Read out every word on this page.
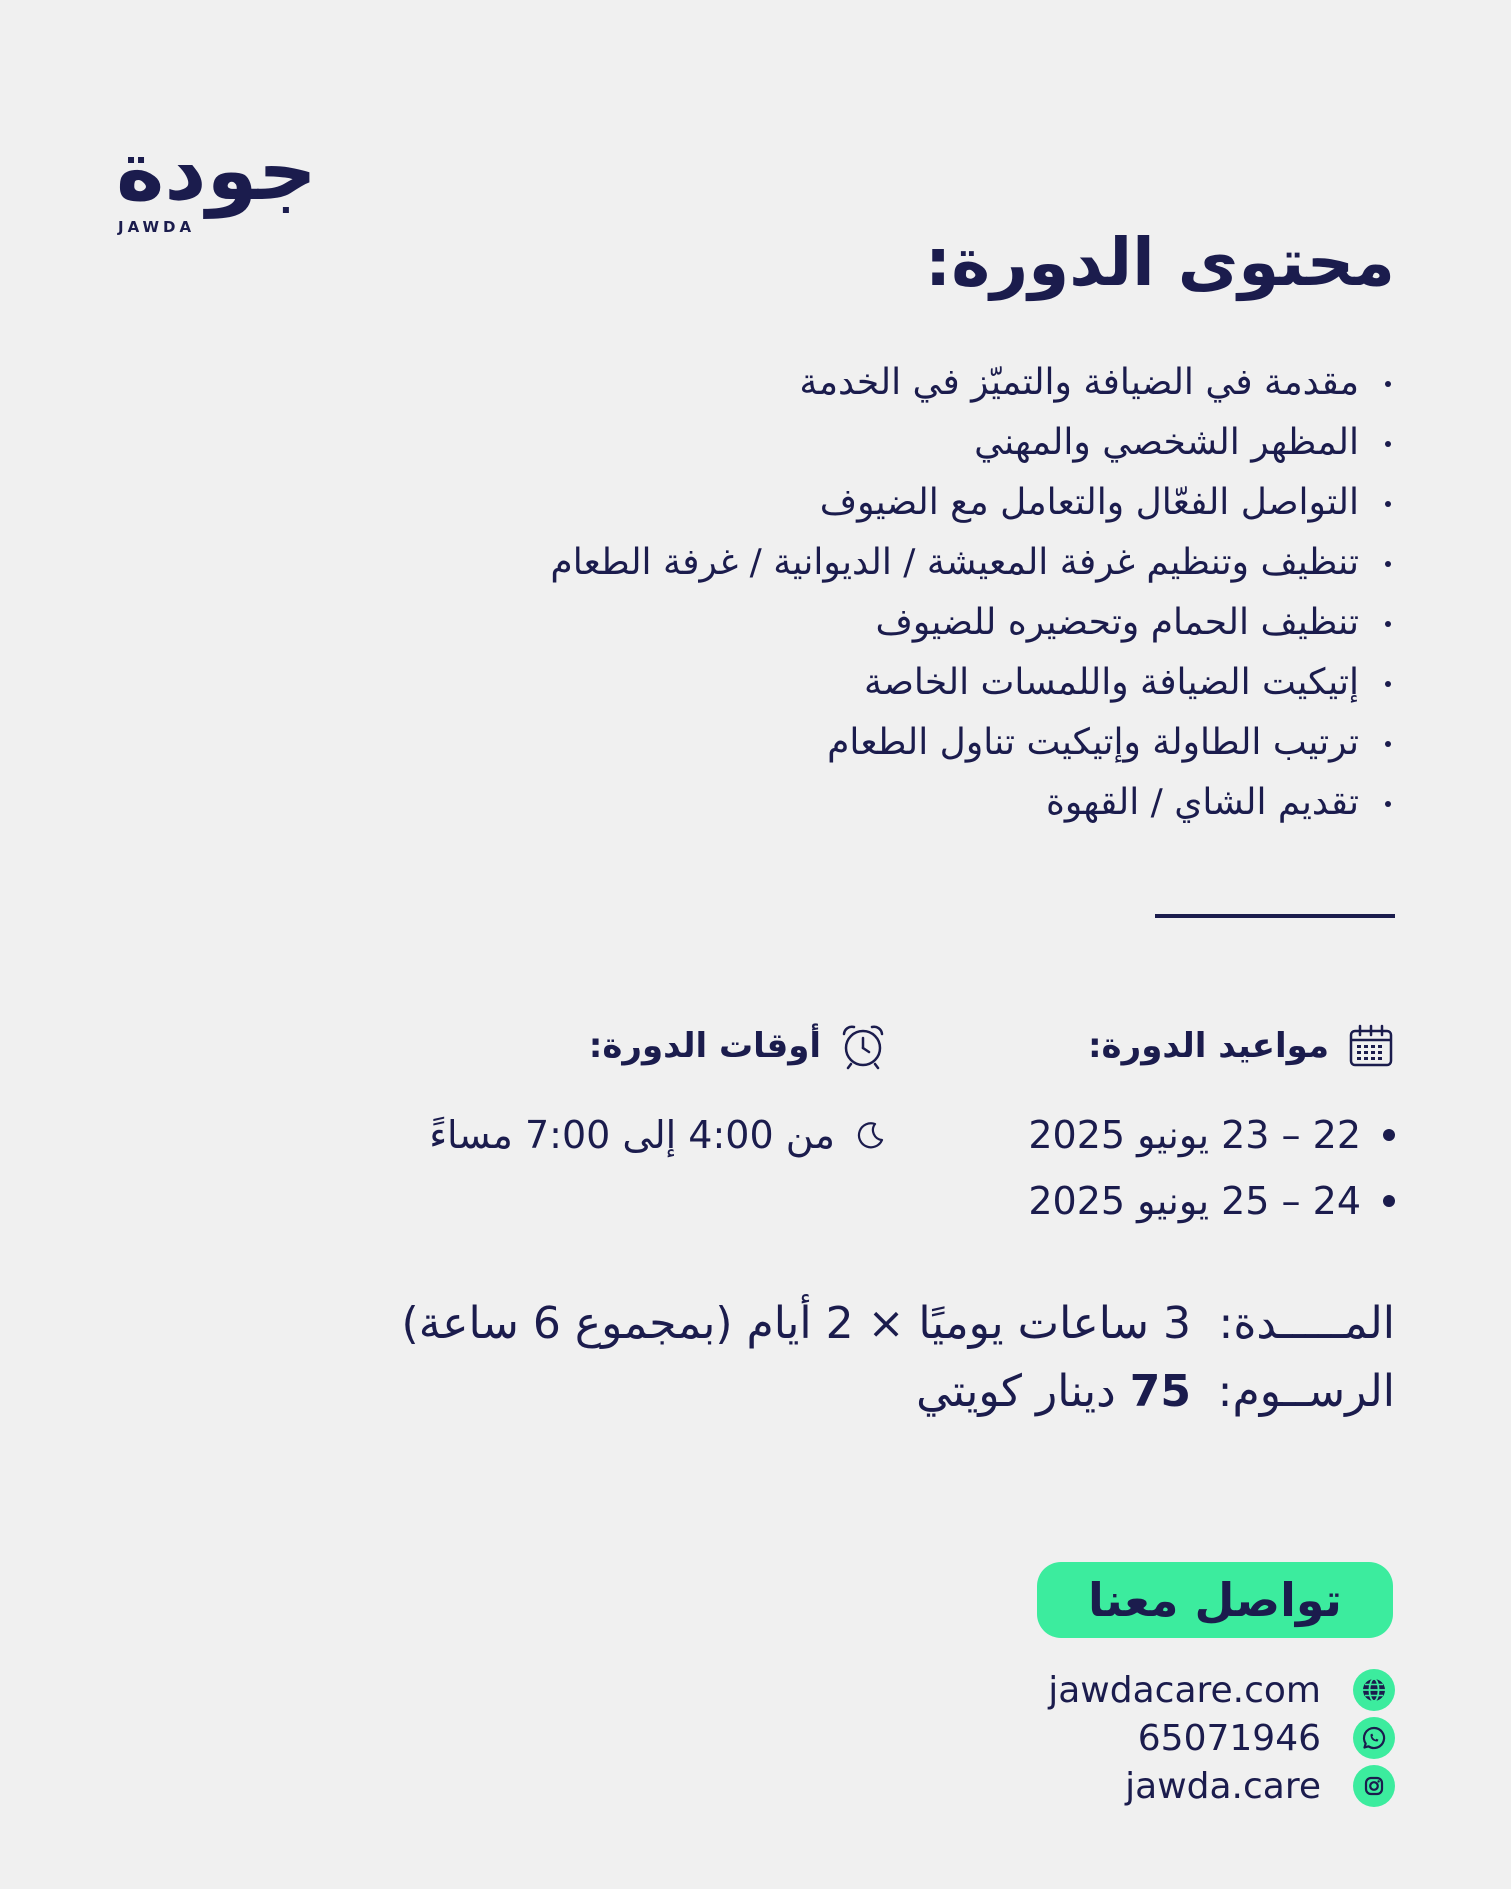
جودة
JAWDA	محتوى الدورة:
مقدمة في الضيافة والتميّز في الخدمة
المظهر الشخصي والمهني
التواصل الفعّال والتعامل مع الضيوف
تنظيف وتنظيم غرفة المعيشة / الديوانية / غرفة الطعام
تنظيف الحمام وتحضيره للضيوف
إتيكيت الضيافة واللمسات الخاصة
ترتيب الطاولة وإتيكيت تناول الطعام
تقديم الشاي / القهوة
مواعيد الدورة:
22 – 23 يونيو 2025
24 – 25 يونيو 2025
أوقات الدورة:
من 4:00 إلى 7:00 مساءً
المـــــدة:
3 ساعات يوميًا × 2 أيام (بمجموع 6 ساعة)
الرســوم:
75
دينار كويتي
تواصل معنا
jawdacare.com
65071946
jawda.care
